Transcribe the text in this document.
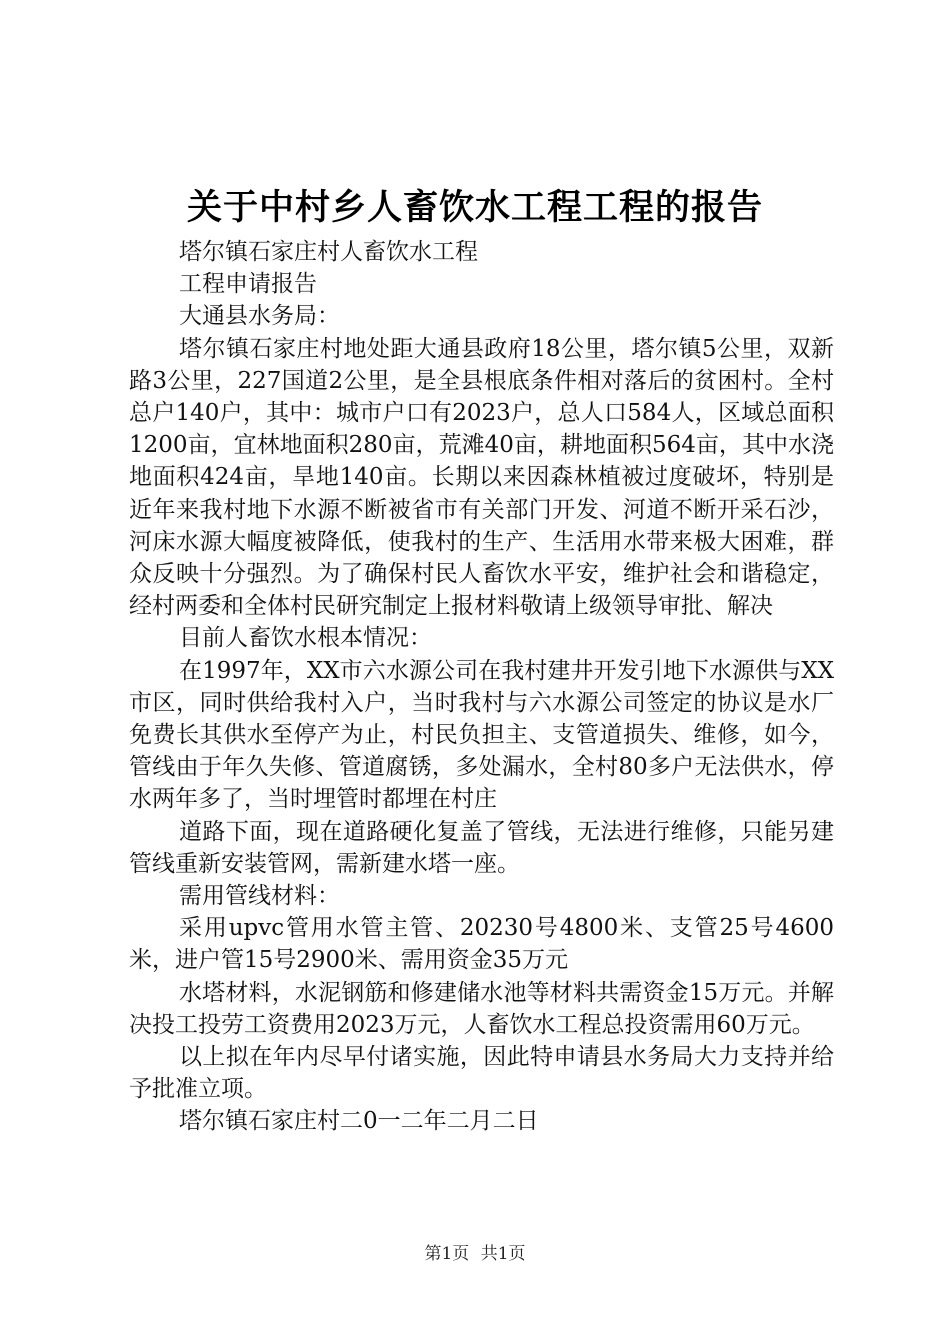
关于中村乡人畜饮水工程工程的报告

塔尔镇石家庄村人畜饮水工程

工程申请报告

大通县水务局：

塔尔镇石家庄村地处距大通县政府18公里，塔尔镇5公里，双新路3公里，227国道2公里，是全县根底条件相对落后的贫困村。全村总户140户，其中：城市户口有2023户，总人口584人，区域总面积1200亩，宜林地面积280亩，荒滩40亩，耕地面积564亩，其中水浇地面积424亩，旱地140亩。长期以来因森林植被过度破坏，特别是近年来我村地下水源不断被省市有关部门开发、河道不断开采石沙，河床水源大幅度被降低，使我村的生产、生活用水带来极大困难，群众反映十分强烈。为了确保村民人畜饮水平安，维护社会和谐稳定，经村两委和全体村民研究制定上报材料敬请上级领导审批、解决

目前人畜饮水根本情况：

在1997年，XX市六水源公司在我村建井开发引地下水源供与XX市区，同时供给我村入户，当时我村与六水源公司签定的协议是水厂免费长其供水至停产为止，村民负担主、支管道损失、维修，如今，管线由于年久失修、管道腐锈，多处漏水，全村80多户无法供水，停水两年多了，当时埋管时都埋在村庄

道路下面，现在道路硬化复盖了管线，无法进行维修，只能另建管线重新安装管网，需新建水塔一座。

需用管线材料：

采用upvc管用水管主管、20230号4800米、支管25号4600米，进户管15号2900米、需用资金35万元

水塔材料，水泥钢筋和修建储水池等材料共需资金15万元。并解决投工投劳工资费用2023万元，人畜饮水工程总投资需用60万元。

以上拟在年内尽早付诸实施，因此特申请县水务局大力支持并给予批准立项。

塔尔镇石家庄村二0一二年二月二日

第1页 共1页
